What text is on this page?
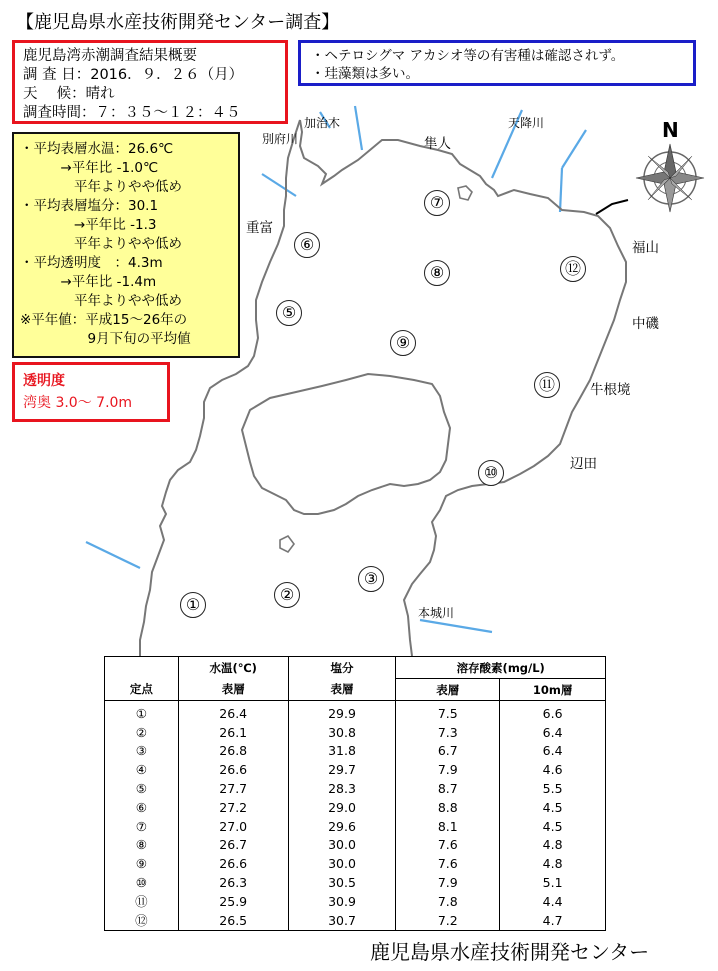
N
【鹿児島県水産技術開発センター調査】
鹿児島湾赤潮調査結果概要
調 査 日：2016．９．２６（月）
天　 候：晴れ
調査時間：７：３５～１２：４５
・ヘテロシグマ アカシオ等の有害種は確認されず。
・珪藻類は多い。
・平均表層水温：26.6℃
　　　→平年比 -1.0℃
　　　　平年よりやや低め
・平均表層塩分：30.1
　　　　→平年比 -1.3
　　　　平年よりやや低め
・平均透明度　：4.3m
　　　→平年比 -1.4m
　　　　平年よりやや低め
※平年値：平成15～26年の
　　　　　9月下旬の平均値
透明度
湾奥 3.0～ 7.0m
加治木
別府川	隼人
天降川
重富
福山
中磯
牛根境
辺田
本城川
①
②
③
⑤
⑥
⑦
⑧
⑨
⑩
⑪
⑫
	水温(℃)	塩分	溶存酸素(mg/L)	
定点	表層	表層	表層	10m層
①	26.4	29.9	7.5	6.6
②	26.1	30.8	7.3	6.4
③	26.8	31.8	6.7	6.4
④	26.6	29.7	7.9	4.6
⑤	27.7	28.3	8.7	5.5
⑥	27.2	29.0	8.8	4.5
⑦	27.0	29.6	8.1	4.5
⑧	26.7	30.0	7.6	4.8
⑨	26.6	30.0	7.6	4.8
⑩	26.3	30.5	7.9	5.1
⑪	25.9	30.9	7.8	4.4
⑫	26.5	30.7	7.2	4.7
鹿児島県水産技術開発センター
